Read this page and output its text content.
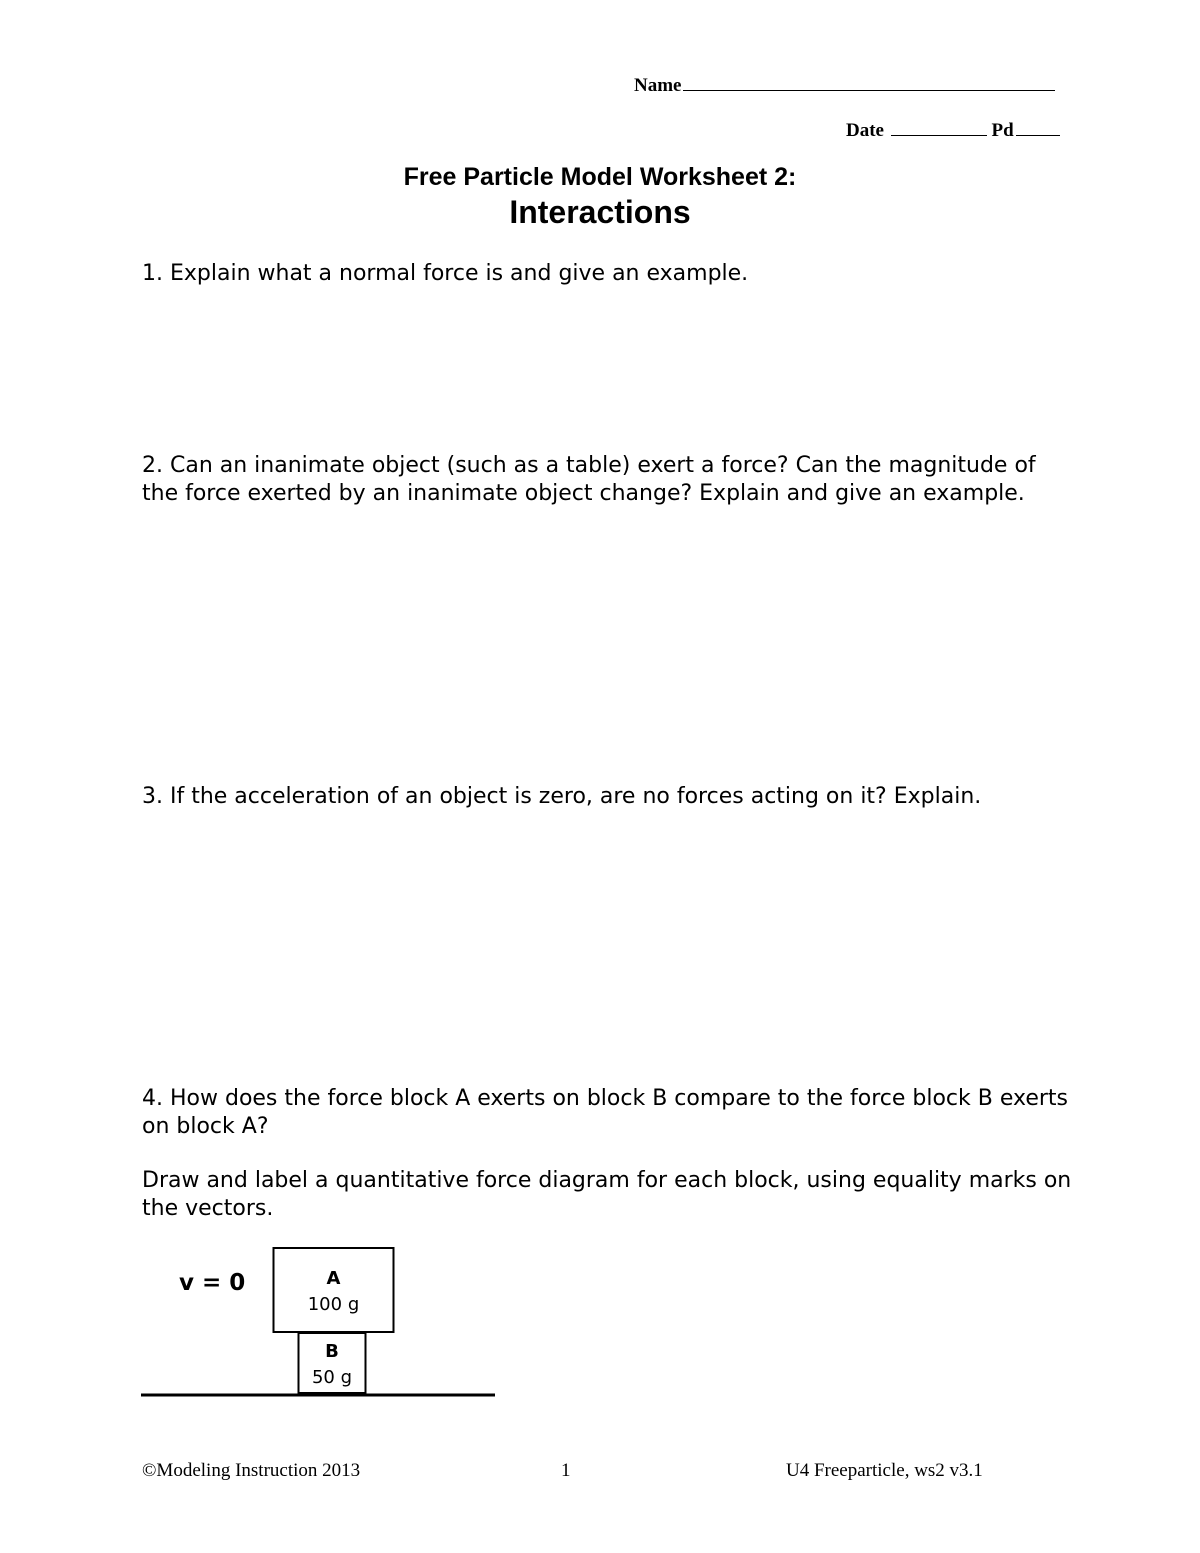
Name
Date	Pd
Free Particle Model Worksheet 2:
Interactions
1. Explain what a normal force is and give an example.
2. Can an inanimate object (such as a table) exert a force? Can the magnitude of the force exerted by an inanimate object change? Explain and give an example.
3. If the acceleration of an object is zero, are no forces acting on it? Explain.
4. How does the force block A exerts on block B compare to the force block B exerts on block A?
Draw and label a quantitative force diagram for each block, using equality marks on the vectors.
v = 0	A
100 g
B
50 g
©Modeling Instruction 2013	1	U4 Freeparticle, ws2 v3.1
